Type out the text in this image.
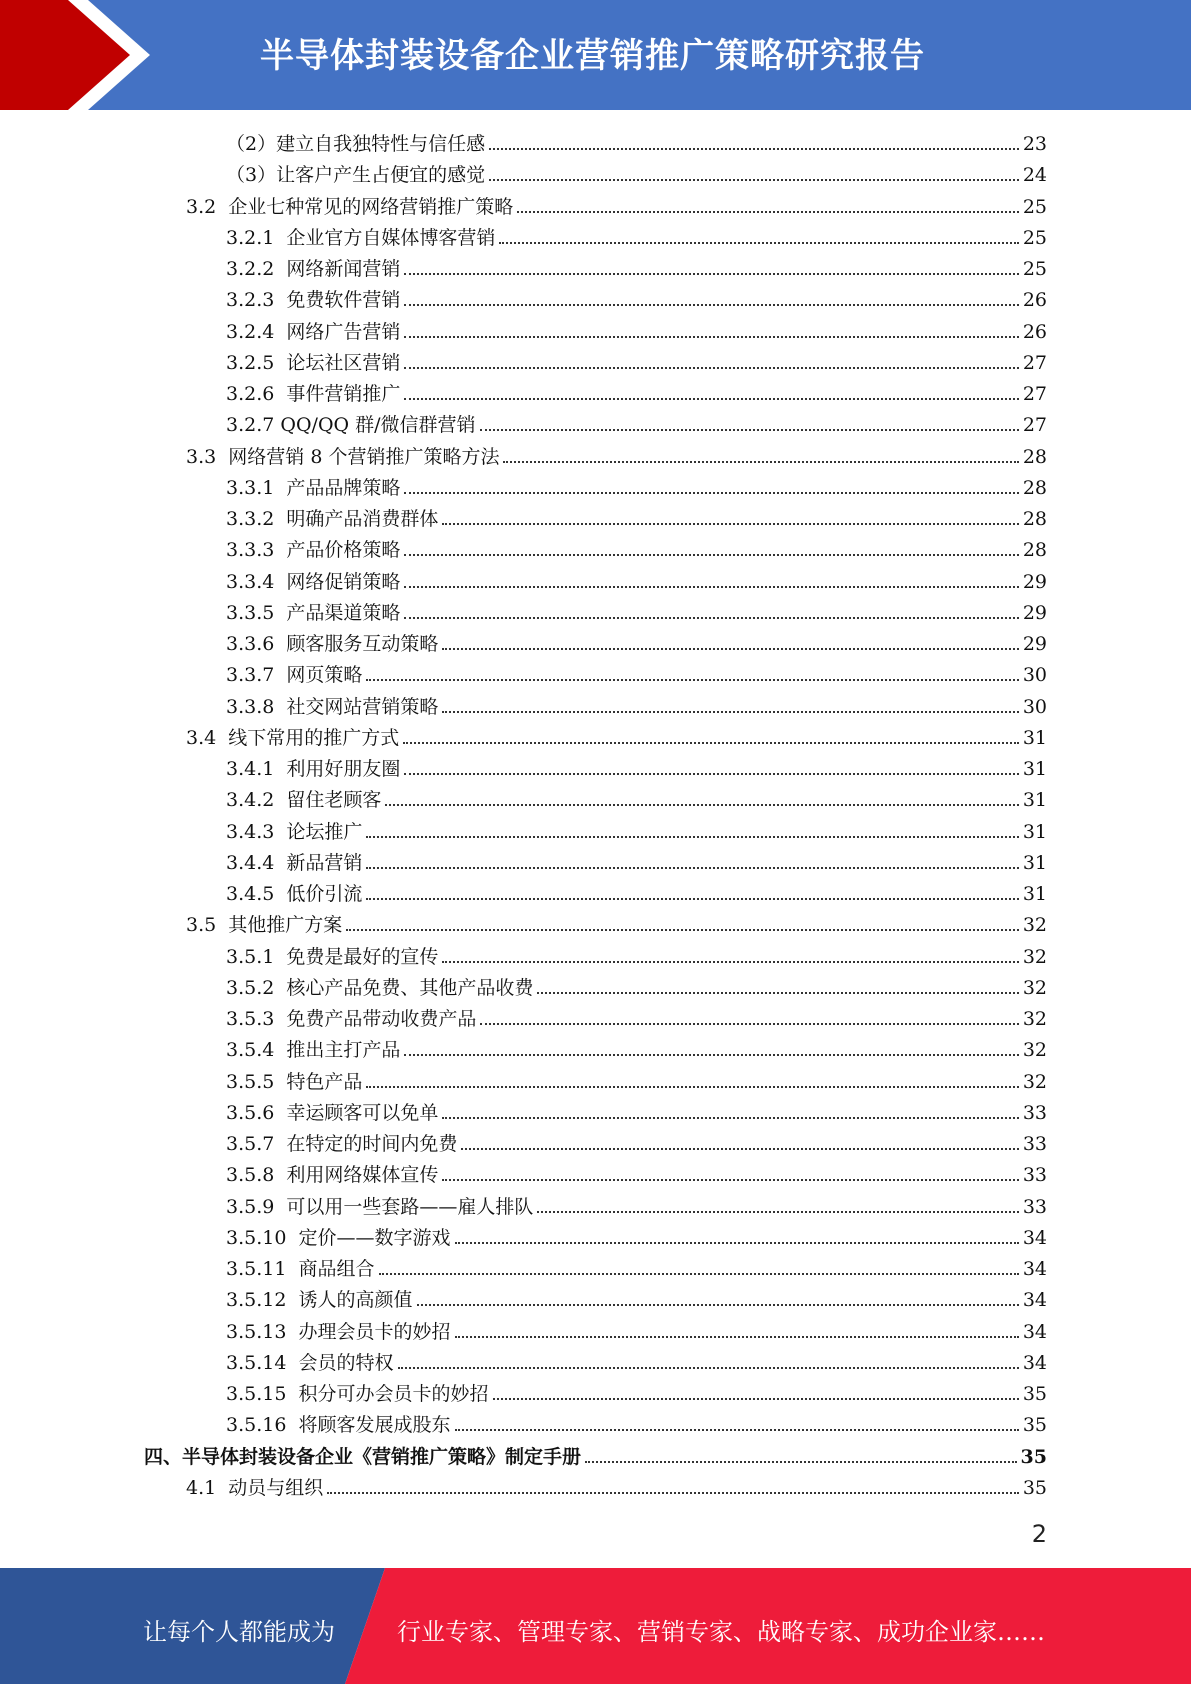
半导体封装设备企业营销推广策略研究报告
（2）建立自我独特性与信任感	23
（3）让客户产生占便宜的感觉	24
3.2  企业七种常见的网络营销推广策略	25
3.2.1  企业官方自媒体博客营销	25
3.2.2  网络新闻营销	25
3.2.3  免费软件营销	26
3.2.4  网络广告营销	26
3.2.5  论坛社区营销	27
3.2.6  事件营销推广	27
3.2.7 QQ/QQ 群/微信群营销	27
3.3  网络营销 8 个营销推广策略方法	28
3.3.1  产品品牌策略	28
3.3.2  明确产品消费群体	28
3.3.3  产品价格策略	28
3.3.4  网络促销策略	29
3.3.5  产品渠道策略	29
3.3.6  顾客服务互动策略	29
3.3.7  网页策略	30
3.3.8  社交网站营销策略	30
3.4  线下常用的推广方式	31
3.4.1  利用好朋友圈	31
3.4.2  留住老顾客	31
3.4.3  论坛推广	31
3.4.4  新品营销	31
3.4.5  低价引流	31
3.5  其他推广方案	32
3.5.1  免费是最好的宣传	32
3.5.2  核心产品免费、其他产品收费	32
3.5.3  免费产品带动收费产品	32
3.5.4  推出主打产品	32
3.5.5  特色产品	32
3.5.6  幸运顾客可以免单	33
3.5.7  在特定的时间内免费	33
3.5.8  利用网络媒体宣传	33
3.5.9  可以用一些套路——雇人排队	33
3.5.10  定价——数字游戏	34
3.5.11  商品组合	34
3.5.12  诱人的高颜值	34
3.5.13  办理会员卡的妙招	34
3.5.14  会员的特权	34
3.5.15  积分可办会员卡的妙招	35
3.5.16  将顾客发展成股东	35
四、半导体封装设备企业《营销推广策略》制定手册	35
4.1  动员与组织	35
2
让每个人都能成为	行业专家、管理专家、营销专家、战略专家、成功企业家……
